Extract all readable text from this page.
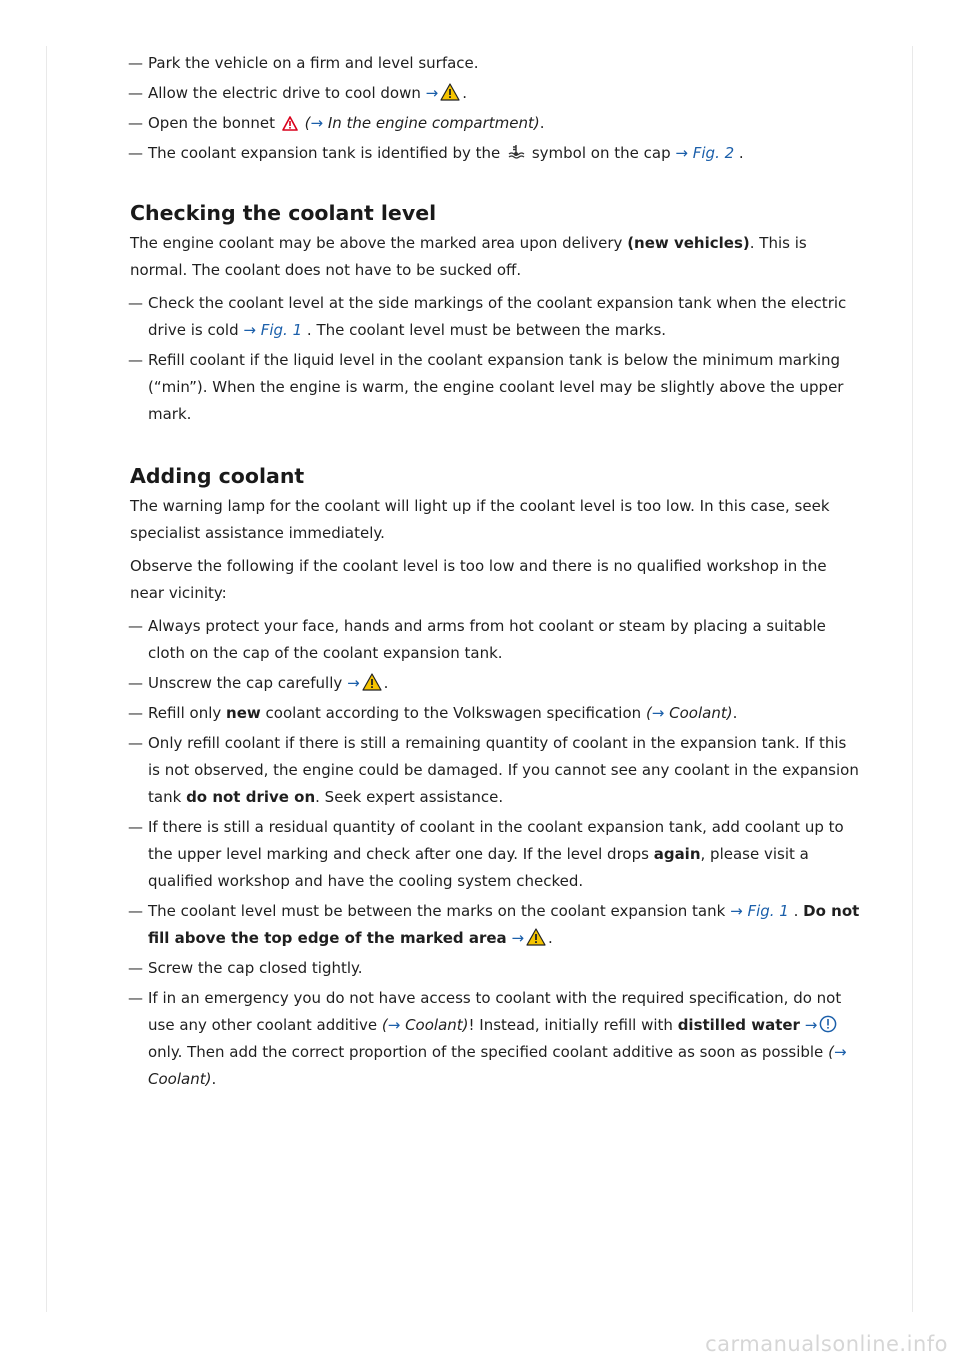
— Park the vehicle on a firm and level surface.
— Allow the electric drive to cool down → .
— Open the bonnet (→ In the engine compartment).
— The coolant expansion tank is identified by the symbol on the cap → Fig. 2 .
Checking the coolant level

The engine coolant may be above the marked area upon delivery (new vehicles). This is normal. The coolant does not have to be sucked off.

— Check the coolant level at the side markings of the coolant expansion tank when the electric drive is cold → Fig. 1 . The coolant level must be between the marks.
— Refill coolant if the liquid level in the coolant expansion tank is below the minimum marking (“min”). When the engine is warm, the engine coolant level may be slightly above the upper mark.
Adding coolant

The warning lamp for the coolant will light up if the coolant level is too low. In this case, seek specialist assistance immediately.

Observe the following if the coolant level is too low and there is no qualified workshop in the near vicinity:

— Always protect your face, hands and arms from hot coolant or steam by placing a suitable cloth on the cap of the coolant expansion tank.
— Unscrew the cap carefully → .
— Refill only new coolant according to the Volkswagen specification (→ Coolant).
— Only refill coolant if there is still a remaining quantity of coolant in the expansion tank. If this is not observed, the engine could be damaged. If you cannot see any coolant in the expansion tank do not drive on. Seek expert assistance.
— If there is still a residual quantity of coolant in the coolant expansion tank, add coolant up to the upper level marking and check after one day. If the level drops again, please visit a qualified workshop and have the cooling system checked.
— The coolant level must be between the marks on the coolant expansion tank → Fig. 1 . Do not fill above the top edge of the marked area → .
— Screw the cap closed tightly.
— If in an emergency you do not have access to coolant with the required specification, do not use any other coolant additive (→ Coolant)! Instead, initially refill with distilled water → only. Then add the correct proportion of the specified coolant additive as soon as possible (→ Coolant).
carmanualsonline.info
